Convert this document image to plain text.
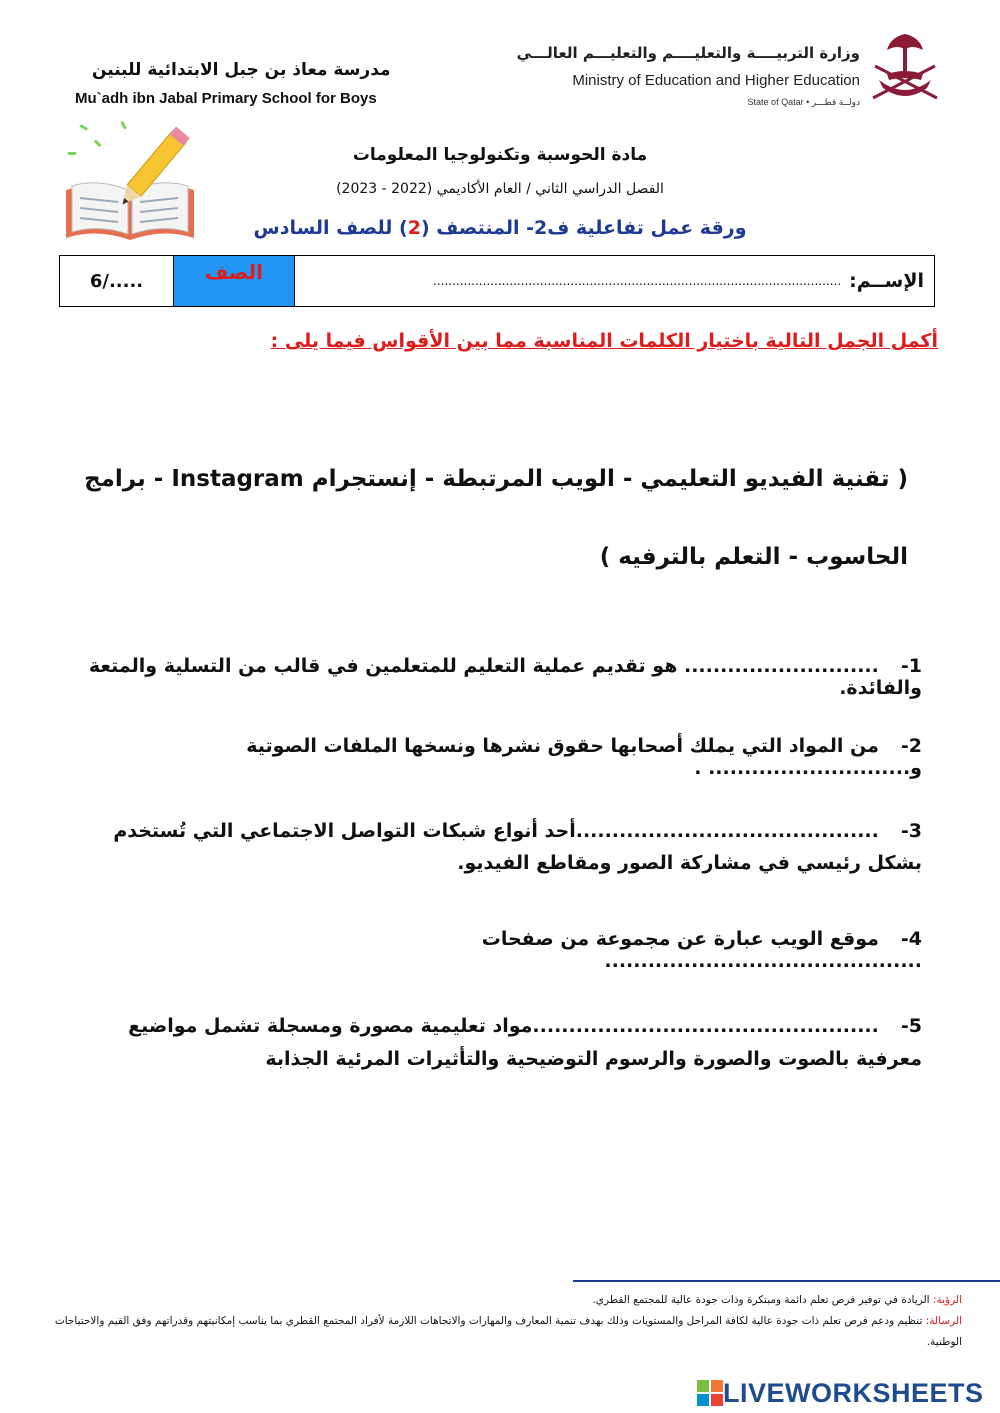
وزارة التربيــــة والتعليــــم والتعليـــم العالـــي
Ministry of Education and Higher Education
State of Qatar • دولــة قطـــر
مدرسة معاذ بن جبل الابتدائية للبنين
Mu`adh ibn Jabal Primary School for Boys
مادة الحوسبة وتكنولوجيا المعلومات
الفصل الدراسي الثاني / العام الأكاديمي (2022 - 2023)
ورقة عمل تفاعلية ف2- المنتصف (2) للصف السادس
6/.....	الصف	الإســم:
...........................................................................................................
أكمل الجمل التالية باختيار الكلمات المناسبة مما بين الأقواس فيما يلى :
( تقنية الفيديو التعليمي - الويب المرتبطة - إنستجرام Instagram - برامج الحاسوب - التعلم بالترفيه )
1-........................... هو تقديم عملية التعليم للمتعلمين في قالب من التسلية والمتعة والفائدة.
2-من المواد التي يملك أصحابها حقوق نشرها ونسخها الملفات الصوتية و............................ .
3-..........................................أحد أنواع شبكات التواصل الاجتماعي التي تُستخدم بشكل رئيسي في مشاركة الصور ومقاطع الفيديو.
4-موقع الويب عبارة عن مجموعة من صفحات ............................................
5-................................................مواد تعليمية مصورة ومسجلة تشمل مواضيع معرفية بالصوت والصورة والرسوم التوضيحية والتأثيرات المرئية الجذابة
الرؤية: الريادة في توفير فرص تعلم دائمة ومبتكرة وذات جودة عالية للمجتمع القطري.
الرسالة: تنظيم ودعم فرص تعلم ذات جودة عالية لكافة المراحل والمستويات وذلك بهدف تنمية المعارف والمهارات والاتجاهات اللازمة لأفراد المجتمع القطري بما يناسب إمكانيتهم وقدراتهم وفق القيم والاحتياجات الوطنية.
LIVEWORKSHEETS
